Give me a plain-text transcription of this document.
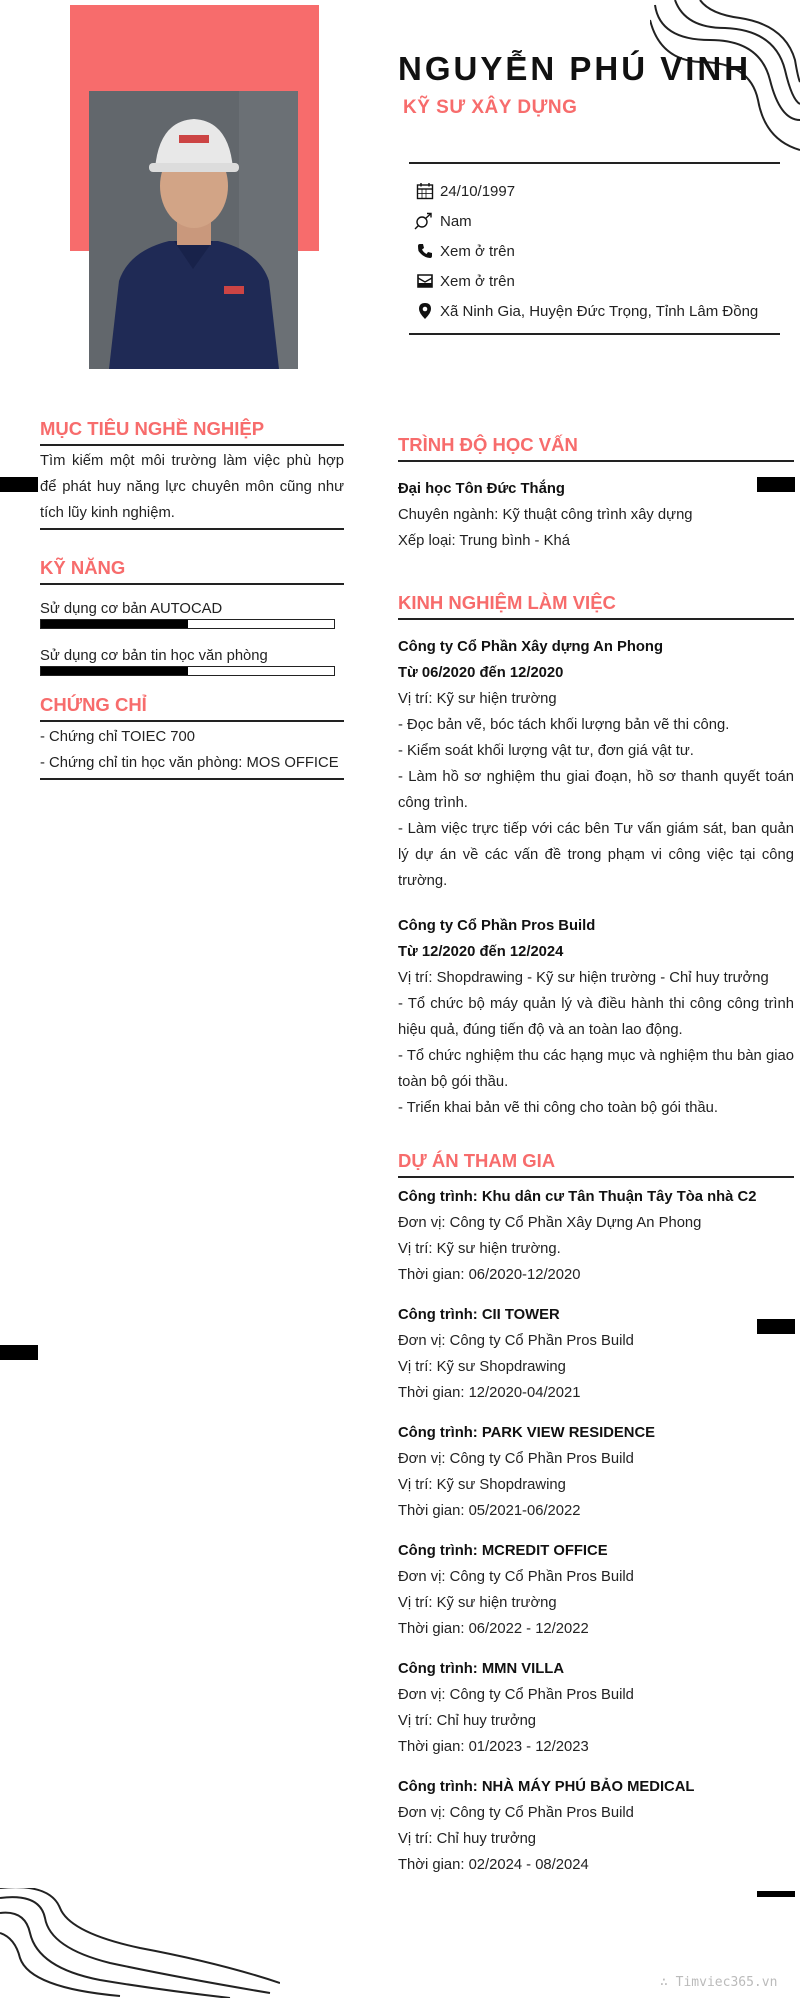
NGUYỄN PHÚ VINH
KỸ SƯ XÂY DỰNG
24/10/1997
Nam
Xem ở trên
Xem ở trên
Xã Ninh Gia, Huyện Đức Trọng, Tỉnh Lâm Đồng
MỤC TIÊU NGHỀ NGHIỆP
Tìm kiếm một môi trường làm việc phù hợp để phát huy năng lực chuyên môn cũng như tích lũy kinh nghiệm.
KỸ NĂNG
Sử dụng cơ bản AUTOCAD
Sử dụng cơ bản tin học văn phòng
CHỨNG CHỈ
- Chứng chỉ TOIEC 700
- Chứng chỉ tin học văn phòng: MOS OFFICE
TRÌNH ĐỘ HỌC VẤN
Đại học Tôn Đức Thắng
Chuyên ngành: Kỹ thuật công trình xây dựng
Xếp loại: Trung bình - Khá
KINH NGHIỆM LÀM VIỆC
Công ty Cổ Phần Xây dựng An Phong
Từ 06/2020 đến 12/2020
Vị trí: Kỹ sư hiện trường
- Đọc bản vẽ, bóc tách khối lượng bản vẽ thi công.
- Kiểm soát khối lượng vật tư, đơn giá vật tư.
- Làm hồ sơ nghiệm thu giai đoạn, hồ sơ thanh quyết toán công trình.
- Làm việc trực tiếp với các bên Tư vấn giám sát, ban quản lý dự án về các vấn đề trong phạm vi công việc tại công trường.
Công ty Cổ Phần Pros Build
Từ 12/2020 đến 12/2024
Vị trí: Shopdrawing - Kỹ sư hiện trường - Chỉ huy trưởng
- Tổ chức bộ máy quản lý và điều hành thi công công trình hiệu quả, đúng tiến độ và an toàn lao động.
- Tổ chức nghiệm thu các hạng mục và nghiệm thu bàn giao toàn bộ gói thầu.
- Triển khai bản vẽ thi công cho toàn bộ gói thầu.
DỰ ÁN THAM GIA
Công trình: Khu dân cư Tân Thuận Tây Tòa nhà C2
Đơn vị: Công ty Cổ Phần Xây Dựng An Phong
Vị trí: Kỹ sư hiện trường.
Thời gian: 06/2020-12/2020
Công trình: CII TOWER
Đơn vị: Công ty Cổ Phần Pros Build
Vị trí: Kỹ sư Shopdrawing
Thời gian: 12/2020-04/2021
Công trình: PARK VIEW RESIDENCE
Đơn vị: Công ty Cổ Phần Pros Build
Vị trí: Kỹ sư Shopdrawing
Thời gian: 05/2021-06/2022
Công trình: MCREDIT OFFICE
Đơn vị: Công ty Cổ Phần Pros Build
Vị trí: Kỹ sư hiện trường
Thời gian: 06/2022 - 12/2022
Công trình: MMN VILLA
Đơn vị: Công ty Cổ Phần Pros Build
Vị trí: Chỉ huy trưởng
Thời gian: 01/2023 - 12/2023
Công trình: NHÀ MÁY PHÚ BẢO MEDICAL
Đơn vị: Công ty Cổ Phần Pros Build
Vị trí: Chỉ huy trưởng
Thời gian: 02/2024 - 08/2024
∴ Timviec365.vn
